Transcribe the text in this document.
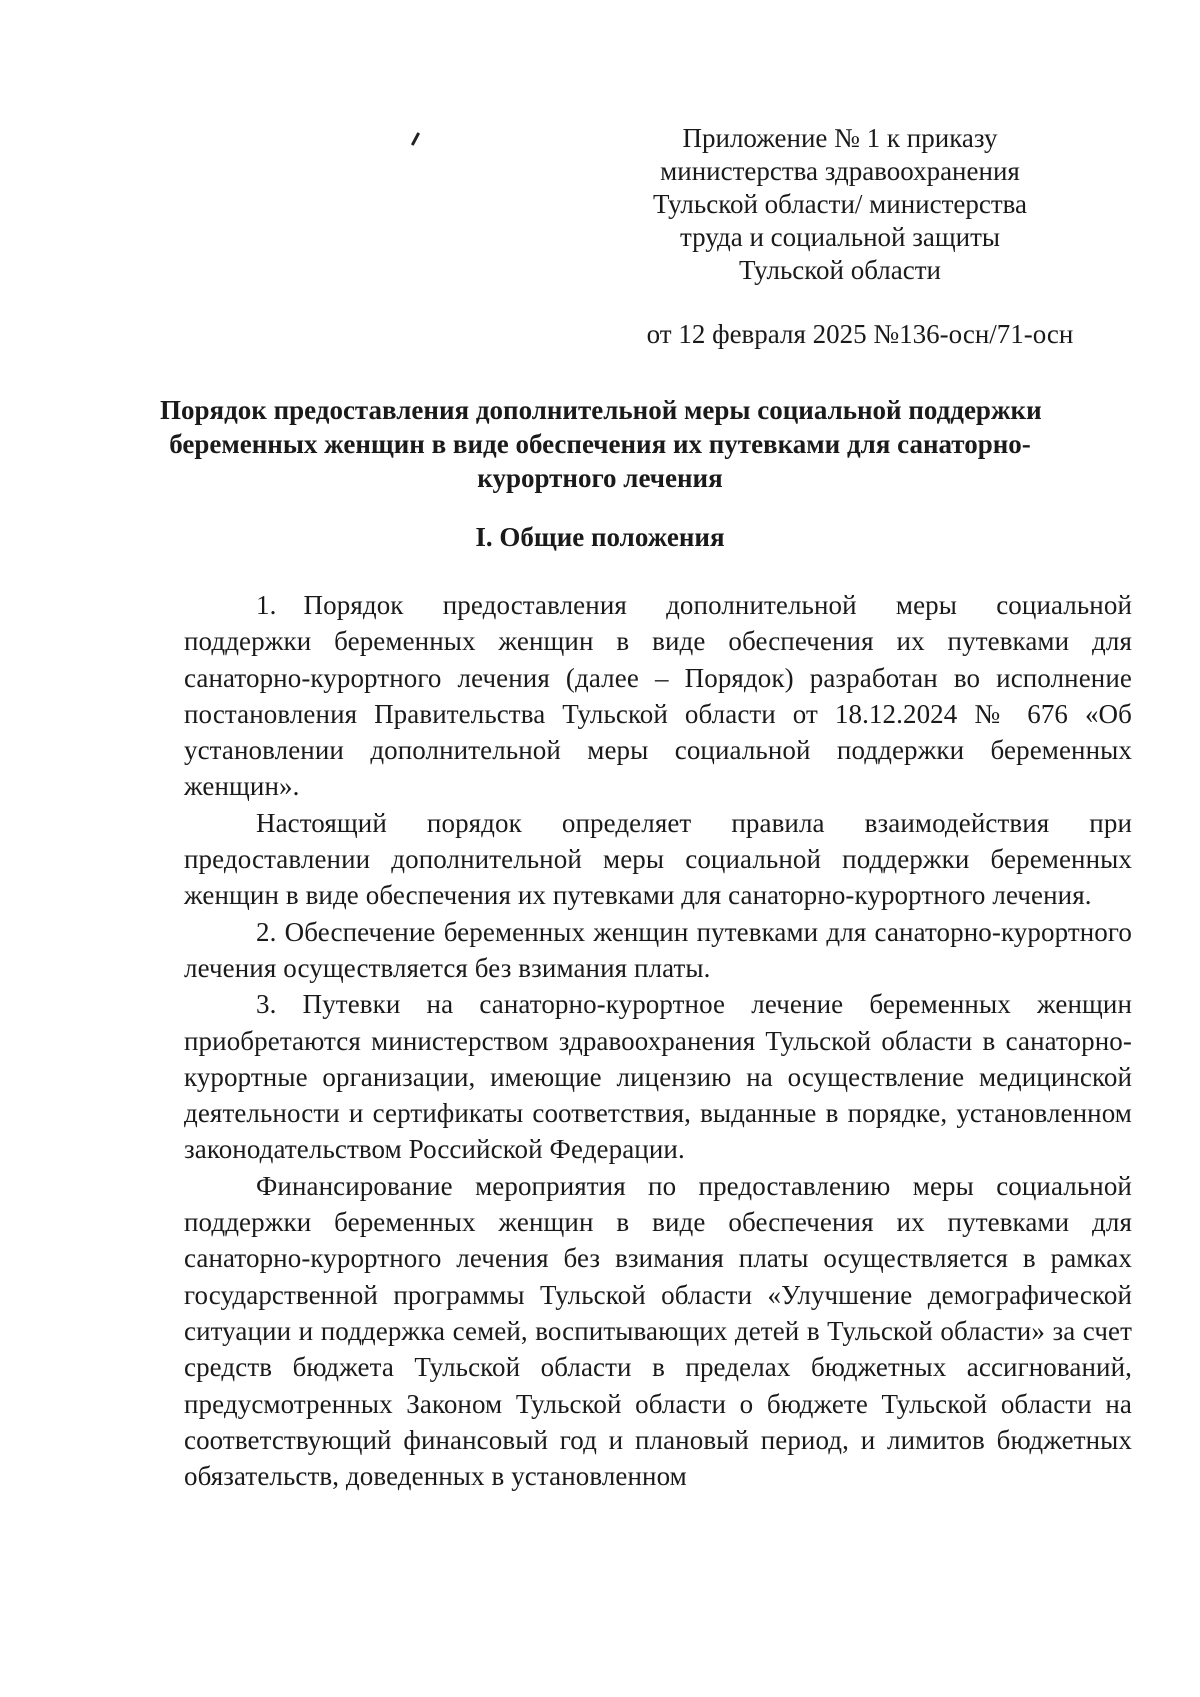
Приложение № 1 к приказу
министерства здравоохранения
Тульской области/ министерства
труда и социальной защиты
Тульской области
от 12 февраля 2025 №136-осн/71-осн
Порядок предоставления дополнительной меры социальной поддержки
беременных женщин в виде обеспечения их путевками для санаторно-
курортного лечения
I. Общие положения

1. Порядок предоставления дополнительной меры социальной поддержки беременных женщин в виде обеспечения их путевками для санаторно-курортного лечения (далее – Порядок) разработан во исполнение постановления Правительства Тульской области от 18.12.2024 № 676 «Об установлении дополнительной меры социальной поддержки беременных женщин».

Настоящий порядок определяет правила взаимодействия при предоставлении дополнительной меры социальной поддержки беременных женщин в виде обеспечения их путевками для санаторно-курортного лечения.

2. Обеспечение беременных женщин путевками для санаторно-курортного лечения осуществляется без взимания платы.

3. Путевки на санаторно-курортное лечение беременных женщин приобретаются министерством здравоохранения Тульской области в санаторно-курортные организации, имеющие лицензию на осуществление медицинской деятельности и сертификаты соответствия, выданные в порядке, установленном законодательством Российской Федерации.

Финансирование мероприятия по предоставлению меры социальной поддержки беременных женщин в виде обеспечения их путевками для санаторно-курортного лечения без взимания платы осуществляется в рамках государственной программы Тульской области «Улучшение демографической ситуации и поддержка семей, воспитывающих детей в Тульской области» за счет средств бюджета Тульской области в пределах бюджетных ассигнований, предусмотренных Законом Тульской области о бюджете Тульской области на соответствующий финансовый год и плановый период, и лимитов бюджетных обязательств, доведенных в установленном
